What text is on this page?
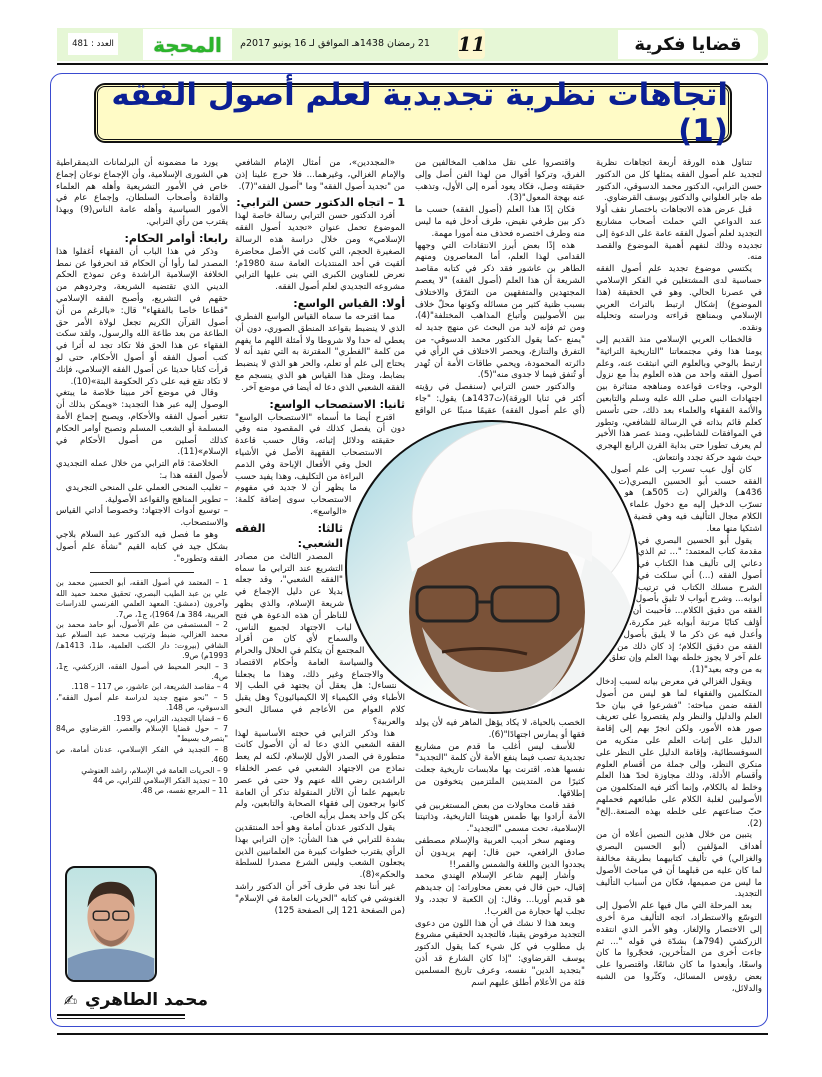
قضايا فكرية
11
21 رمضان 1438هـ الموافق لـ 16 يونيو 2017م
المحجة
العدد : 481
اتجاهات نظرية تجديدية لعلم أصول الفقه (1)

تتناول هذه الورقة أربعة اتجاهات نظرية لتجديد علم أصول الفقه يمثلها كل من الدكتور حسن الترابي، الدكتور محمد الدسوقي، الدكتور طه جابر العلواني والدكتور يوسف القرضاوي.

قبل عرض هذه الاتجاهات باختصار نقف أولا عند الدواعي التي حملت أصحاب مشاريع التجديد لعلم أصول الفقه عامة على الدعوة إلى تجديده وذلك لنفهم أهمية الموضوع والقصد منه.

يكتسي موضوع تجديد علم أصول الفقه حساسية لدى المشتغلين في الفكر الإسلامي في عصرنا الحالي. وهو في الحقيقة (هذا الموضوع) إشكال ارتبط بالتراث العربي الإسلامي وبمناهج قراءته ودراسته وتحليله ونقده.

فالخطاب العربي الإسلامي منذ القديم إلى يومنا هذا وفي مجتمعاتنا "التاريخية التراثية" ارتبط بالوحي وبالعلوم التي انبثقت عنه، وعلم أصول الفقه واحد من هذه العلوم بدأ مع نزول الوحي، وجاءت قواعده ومناهجه متناثرة بين اجتهادات النبي صلى الله عليه وسلم والتابعين والأئمة الفقهاء والعلماء بعد ذلك، حتى تأسس كعلم قائم بذاته في الرسالة للشافعي، وتطور في الموافقات للشاطبي، ومنذ عصر هذا الأخير لم يعرف تطورا حتى بداية القرن الرابع الهجري حيث شهد حركة تجدد وانتعاش.

كان أول عيب تسرب إلى علم أصول الفقه حسب أبو الحسين البصري(ت 436هـ) والغزالي (ت 505هـ) هو تسرّب الدخيل إليه مع دخول علماء الكلام مجال التأليف فيه وهي قضية اشتكيا منها معا.

يقول أبو الحسين البصري في مقدمة كتاب المعتمد: "... ثم الذي دعاني إلى تأليف هذا الكتاب في أصول الفقه (...) أني سلكت في الشرح مسلك الكتاب في ترتيب أبوابه... وشرح أبواب لا تليق بأصول الفقه من دقيق الكلام... فأحببت أن أؤلف كتابًا مرتبة أبوابه غير مكررة، وأعدل فيه عن ذكر ما لا يليق بأصول الفقه من دقيق الكلام؛ إذ كان ذلك من علم آخر لا يجوز خلطه بهذا العلم وإن تعلق به من وجه بعيد"(1).

ويقول الغزالي في معرض بيانه لسبب إدخال المتكلمين والفقهاء لما هو ليس من أصول الفقه ضمن مباحثه: "فشرعوا في بيان حدّ العلم والدليل والنظر ولم يقتصروا على تعريف صور هذه الأمور، ولكن انجرّ بهم إلى إقامة الدليل على إثبات العلم على منكريه من السوفسطائية، وإقامة الدليل على النظر على منكري النظر، وإلى جملة من أقسام العلوم وأقسام الأدلة، وذلك مجاوزة لحدّ هذا العلم وخلط له بالكلام، وإنما أكثر فيه المتكلمون من الأصوليين لغلبة الكلام على طبائعهم فحملهم حبّ صناعتهم على خلطه بهذه الصنعة..إلخ"(2).

يتبين من خلال هذين النصين أعلاه أن من أهداف المؤلفين (أبو الحسين البصري والغزالي) في تأليف كتابيهما بطريقة مخالفة لما كان عليه من قبلهما أن في مباحث الأصول ما ليس من صميمها، فكان من أسباب التأليف التجديد.

بعد المرحلة التي مال فيها علم الأصول إلى التوسّع والاستطراد، اتجه التأليف مرة أخرى إلى الاختصار والإلغاز، وهو الأمر الذي انتقده الزركشي (794هـ) بشدّة في قوله "... ثم جاءت أخرى من المتأخرين، فحجّروا ما كان واسعًا، وأبعدوا ما كان شائعًا، واقتصروا على بعض رؤوس المسائل، وكثّروا من الشبه والدلائل،

واقتصروا على نقل مذاهب المخالفين من الفرق، وتركوا أقوال من لهذا الفن أصل وإلى حقيقته وصل، فكاد يعود أمره إلى الأول، وتذهب عنه بهجة المعول"(3).

فكان إذًا هذا العلم (أصول الفقه) حسب ما ذكر بين طرفي نقيض، طرف أدخل فيه ما ليس منه وطرف اختصره فحذف منه أمورا مهمة.

هذه إذًا بعض أبرز الانتقادات التي وجهها القدامى لهذا العلم، أما المعاصرون ومنهم الطاهر بن عاشور فقد ذكر في كتابه مقاصد الشريعة أن هذا العلم (أصول الفقه) "لا يعصم المجتهدين والمتفقهين من التفرّق والاختلاف بسبب ظنية كثير من مسائله وكونها محلّ خلاف بين الأصوليين وأتباع المذاهب المختلفة"(4)، ومن ثم فإنه لابد من البحث عن منهج جديد له "يمنع -كما يقول الدكتور محمد الدسوقي- من التفرق والتنازع، ويحصر الاختلاف في الرأي في دائرته المحمودة، ويحمي طاقات الأمة أن تُهدر أو تُنفق فيما لا جدوى منه"(5).

والدكتور حسن الترابي (سنفصل في رؤيته أكثر في ثنايا الورقة)(ت1437هـ) يقول: "جاء (أي علم أصول الفقه) عقيمًا منبتًا عن الواقع الخصب بالحياة، لا يكاد يؤهل الماهر فيه لأن يولد فقها أو يمارس اجتهادًا"(6).

للأسف ليس أغلب ما قدم من مشاريع تجديدية تصب فيما ينفع الأمة لأن كلمة "التجديد" نفسها هذه، اقترنت بها ملابسات تاريخية جعلت كثيرًا من المتدينين الملتزمين يتخوفون من إطلاقها.

فقد قامت محاولات من بعض المستغربين في الأمة أرادوا بها طمس هويتنا التاريخية، وذاتيتنا الإسلامية، تحت مسمى "التجديد".

ومنهم سخر أديب العربية والإسلام مصطفى صادق الرافعي، حين قال: إنهم يريدون أن يجددوا الدين واللغة والشمس والقمر!!

وأشار إليهم شاعر الإسلام الهندي محمد إقبال، حين قال في بعض محاوراته: إن جديدهم هو قديم أوربا... وقال: إن الكعبة لا تجدد، ولا تجلب لها حجارة من الغرب!.

وبعد هذا لا نشك في أن هذا اللون من دعوى التجديد مرفوض يقينا، فالتجديد الحقيقي مشروع بل مطلوب في كل شيء كما يقول الدكتور يوسف القرضاوي: "إذا كان الشارع قد أذن "بتجديد الدين" نفسه، وعرف تاريخ المسلمين فئة من الأعلام أطلق عليهم اسم

«المجددين»، من أمثال الإمام الشافعي والإمام الغزالي، وغيرهما... فلا حرج علينا إذن من "تجديد أصول الفقه" وما "أصول الفقه"(7).

1 – اتجاه الدكتور حسن الترابي:

أفرد الدكتور حسن الترابي رسالة خاصة لهذا الموضوع تحمل عنوان «تجديد أصول الفقه الإسلامي» ومن خلال دراسة هذه الرسالة الصغيرة الحجم، التي كانت في الأصل محاضرة ألقيت في أحد المنتديات العامة سنة 1980م؛ نعرض للعناوين الكبرى التي بنى عليها الترابي مشروعه التجديدي لعلم أصول الفقه.

أولا: القياس الواسع:

مما اقترحه ما سماه القياس الواسع الفطري الذي لا ينضبط بقواعد المنطق الصوري، دون أن يعطي له حدا ولا شروطا ولا أمثلة اللهم ما يفهم من كلمة "الفطري" المقترنة به التي تفيد أنه لا يحتاج إلى علم أو تعلم، والحر هو الذي لا ينضبط بضابط، ومثل هذا القياس هو الذي ينسجم مع الفقه الشعبي الذي دعا له أيضا في موضع آخر.

ثانيا: الاستصحاب الواسع:

اقترح أيضا ما أسماه "الاستصحاب الواسع" دون أن يفصل كذلك في المقصود منه وفي حقيقته ودلائل إثباته، وقال حسب قاعدة الاستصحاب الفقهية الأصل في الأشياء الحل وفي الأفعال الإباحة وفي الذمم البراءة من التكليف، وهذا يفيد حسب ما يظهر أن لا جديد في مفهوم الاستصحاب سوى إضافة كلمة: «الواسع».

ثالثا: الفقه الشعبي:

المصدر الثالث من مصادر التشريع عند الترابي ما سماه "الفقه الشعبي"، وقد جعله بديلا عن دليل الإجماع في شريعة الإسلام، والذي يظهر للناظر أن هذه الدعوة هي فتح لباب الاجتهاد لجميع الناس، والسماح لأي كان من أفراد المجتمع أن يتكلم في الحلال والحرام والسياسة العامة وأحكام الاقتصاد والاجتماع وغير ذلك، وهذا ما يجعلنا نتساءل: هل يعقل أن يجتهد في الطب إلا الأطباء وفي الكيمياء إلا الكيميائيون؟ وهل يقبل كلام العوام من الأعاجم في مسائل النحو والعربية؟

هذا وذكر الترابي في حجته الأساسية لهذا الفقه الشعبي الذي دعا له أن الأصول كانت متطورة في الصدر الأول للإسلام، لكنه لم يعط نماذج من الاجتهاد الشعبي في عصر الخلفاء الراشدين رضي الله عنهم ولا حتى في عصر تابعيهم علما أن الآثار المنقولة تذكر أن العامة كانوا يرجعون إلى فقهاء الصحابة والتابعين، ولم يكن كل واحد يعمل برأيه الخاص.

يقول الدكتور عدنان أمامة وهو أحد المنتقدين بشدة للترابي في هذا الشأن: «إن الترابي بهذا الرأي يقترب خطوات كبيرة من العلمانيين الذين يجعلون الشعب وليس الشرع مصدرا للسلطة والحكم»(8).

غير أننا نجد في طرف آخر أن الدكتور راشد الغنوشي في كتابه "الحريات العامة في الإسلام" (من الصفحة 121 إلى الصفحة 125)

يورد ما مضمونه أن البرلمانات الديمقراطية هي الشورى الإسلامية، وأن الإجماع نوعان إجماع خاص في الأمور التشريعية وأهله هم العلماء والقادة وأصحاب السلطان، وإجماع عام في الأمور السياسية وأهله عامة الناس(9) وبهذا يقترب من رأي الترابي.

رابعا: أوامر الحكام:

وذكر في هذا الباب أن الفقهاء أغفلوا هذا المصدر لما رأوا أن الحكام قد انحرفوا عن نمط الخلافة الإسلامية الراشدة وعن نموذج الحكم الديني الذي تقتضيه الشريعة، وجردوهم من حقهم في التشريع، وأصبح الفقه الإسلامي "قطاعا خاصا بالفقهاء" قال: «بالرغم من أن أصول القرآن الكريم تجعل لولاة الأمر حق الطاعة من بعد طاعة الله والرسول، ولقد سكت الفقهاء عن هذا الحق فلا تكاد تجد له أثرا في كتب أصول الفقه أو أصول الأحكام، حتى لو قرأت كتابا حديثا عن أصول الفقه الإسلامي، فإنك لا تكاد تقع فيه على ذكر الحكومة البتة»(10).

وقال في موضع آخر مبينا خلاصة ما يبتغي الوصول إليه عبر هذا التجديد: «ويمكن بذلك أن تتغير أصول الفقه والأحكام، ويصبح إجماع الأمة المسلمة أو الشعب المسلم وتصبح أوامر الحكام كذلك أصلين من أصول الأحكام في الإسلام»(11).

الخلاصة: قام الترابي من خلال عمله التجديدي لأصول الفقه هذا بـ:

– تغليب المنحى العملي على المنحى التجريدي

– تطوير المناهج والقواعد الأصولية.

– توسيع أدوات الاجتهاد: وخصوصا أداتي القياس والاستصحاب.

وهو ما فصل فيه الدكتور عبد السلام بلاجي بشكل جيد في كتابه القيم "نشأة علم أصول الفقه وتطوره".

1 – المعتمد في أصول الفقه، أبو الحسين محمد بن علي بن عبد الطيب البصري، تحقيق محمد حميد الله وآخرون (دمشق: المعهد العلمي الفرنسي للدراسات العربية، 384 هـ/ 1964)، ج1، ص7.

2 – المستصفى من علم الأصول، أبو حامد محمد بن محمد الغزالي، ضبط وترتيب محمد عبد السلام عبد الشافي (بيروت: دار الكتب العلمية، ط1، 1413هـ/ 1993م) ص9.

3 – البحر المحيط في أصول الفقه، الزركشي، ج1، ص4.

4 – مقاصد الشريعة، ابن عاشور، ص 117 – 118.

5 – "نحو منهج جديد لدراسة علم أصول الفقه"، الدسوقي، ص 148.

6 – قضايا التجديد، الترابي، ص 193.

7 – حول قضايا الإسلام والعصر، القرضاوي ص84 "بتصرف بسيط"

8 – التجديد في الفكر الإسلامي، عدنان أمامة، ص 460.

9 – الحريات العامة في الإسلام، راشد الغنوشي

10 – تجديد الفكر الإسلامي للترابي، ص 44

11 – المرجع نفسه، ص 48.

محمد الطاهري
✍
